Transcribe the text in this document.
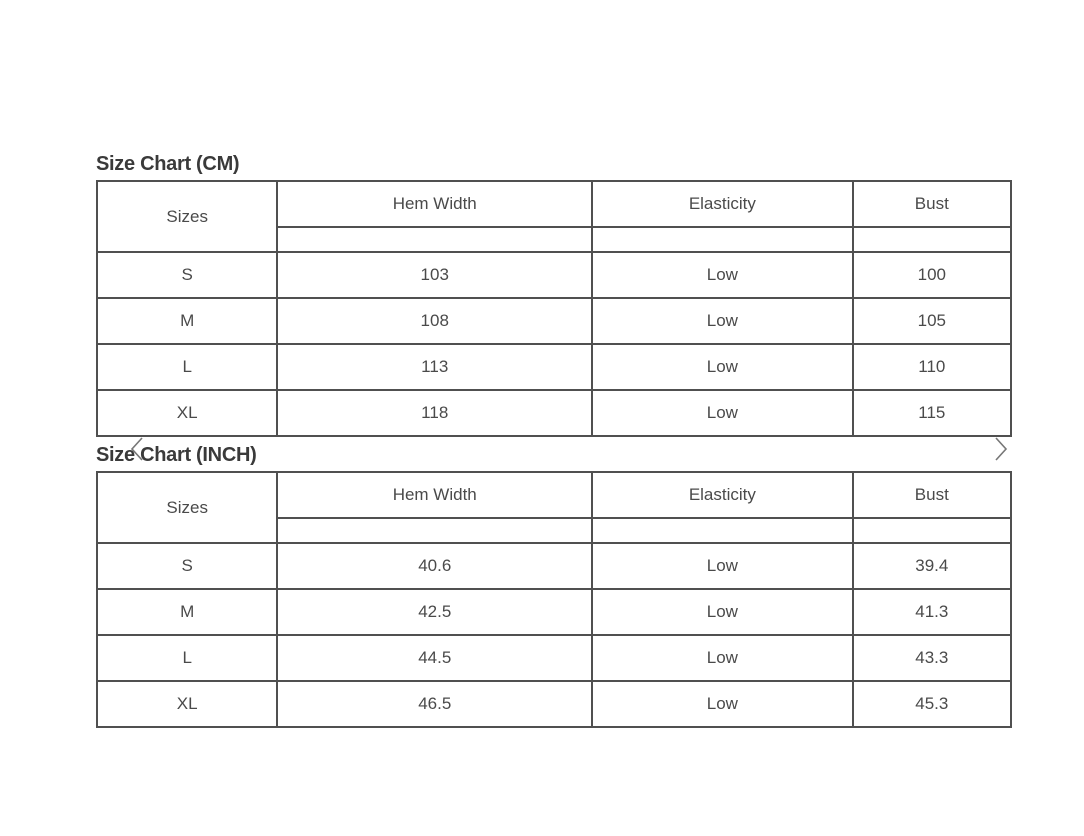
Size Chart (CM)
Sizes	Hem Width	Elasticity	Bust

S	103	Low	100
M	108	Low	105
L	113	Low	110
XL	118	Low	115
Size Chart (INCH)
Sizes	Hem Width	Elasticity	Bust

S	40.6	Low	39.4
M	42.5	Low	41.3
L	44.5	Low	43.3
XL	46.5	Low	45.3
